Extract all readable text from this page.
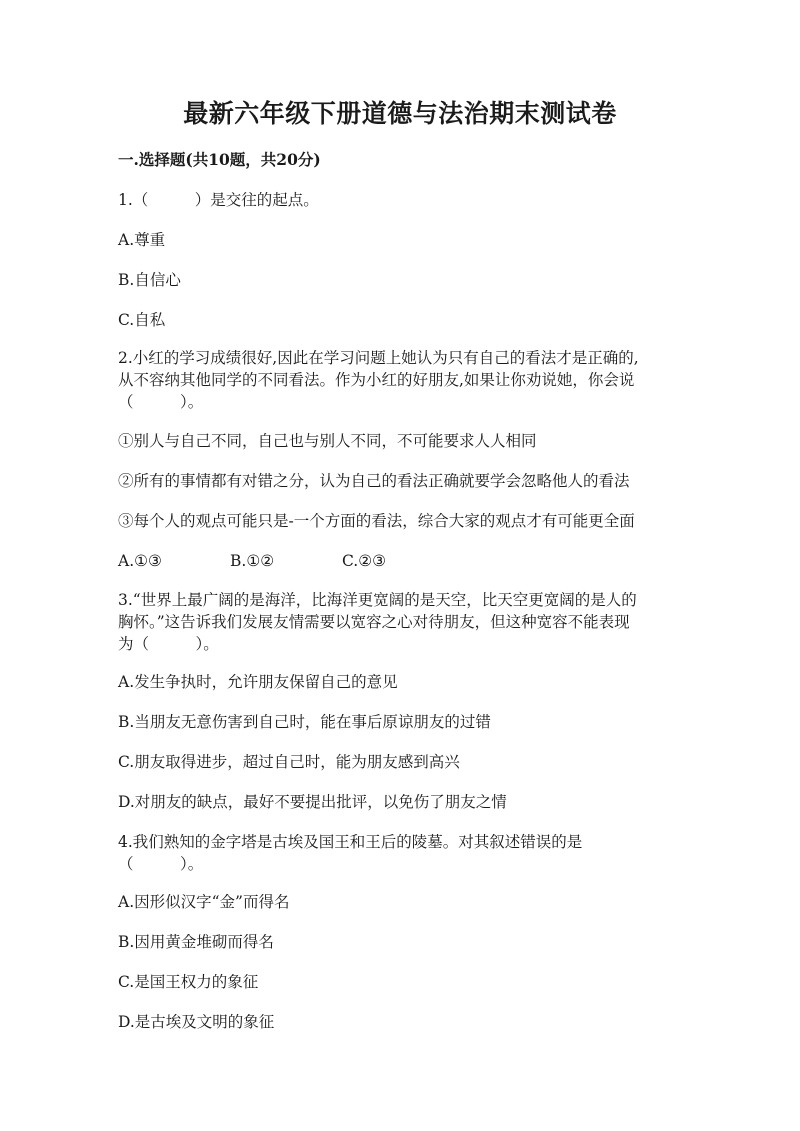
最新六年级下册道德与法治期末测试卷
一.选择题(共10题，共20分)
1.（　　　）是交往的起点。
A.尊重
B.自信心
C.自私
2.小红的学习成绩很好,因此在学习问题上她认为只有自己的看法才是正确的,
从不容纳其他同学的不同看法。作为小红的好朋友,如果让你劝说她，你会说
（　　　）。
①别人与自己不同，自己也与别人不同，不可能要求人人相同
②所有的事情都有对错之分，认为自己的看法正确就要学会忽略他人的看法
③每个人的观点可能只是-一个方面的看法，综合大家的观点才有可能更全面
A.①③	B.①②	C.②③
3.“世界上最广阔的是海洋，比海洋更宽阔的是天空，比天空更宽阔的是人的
胸怀。”这告诉我们发展友情需要以宽容之心对待朋友，但这种宽容不能表现
为（　　　）。
A.发生争执时，允许朋友保留自己的意见
B.当朋友无意伤害到自己时，能在事后原谅朋友的过错
C.朋友取得进步，超过自己时，能为朋友感到高兴
D.对朋友的缺点，最好不要提出批评，以免伤了朋友之情
4.我们熟知的金字塔是古埃及国王和王后的陵墓。对其叙述错误的是
（　　　）。
A.因形似汉字“金”而得名
B.因用黄金堆砌而得名
C.是国王权力的象征
D.是古埃及文明的象征
